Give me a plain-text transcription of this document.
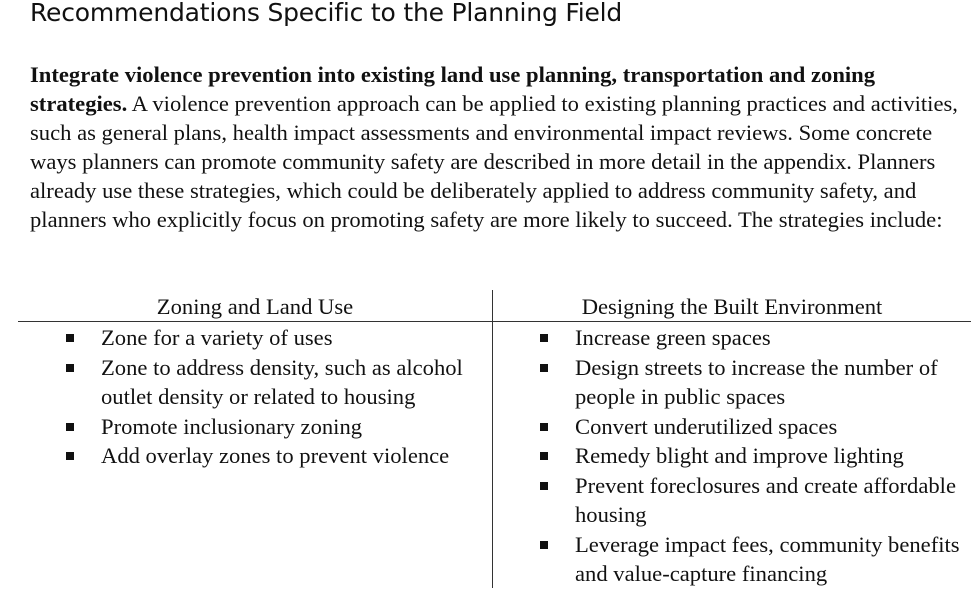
Recommendations Specific to the Planning Field

Integrate violence prevention into existing land use planning, transportation and zoning strategies. A violence prevention approach can be applied to existing planning practices and activities, such as general plans, health impact assessments and environmental impact reviews. Some concrete ways planners can promote community safety are described in more detail in the appendix. Planners already use these strategies, which could be deliberately applied to address community safety, and planners who explicitly focus on promoting safety are more likely to succeed. The strategies include:

Zoning and Land Use	Designing the Built Environment
Zone for a variety of uses
Zone to address density, such as alcohol outlet density or related to housing
Promote inclusionary zoning
Add overlay zones to prevent violence
Increase green spaces
Design streets to increase the number of people in public spaces
Convert underutilized spaces
Remedy blight and improve lighting
Prevent foreclosures and create affordable housing
Leverage impact fees, community benefits and value-capture financing
